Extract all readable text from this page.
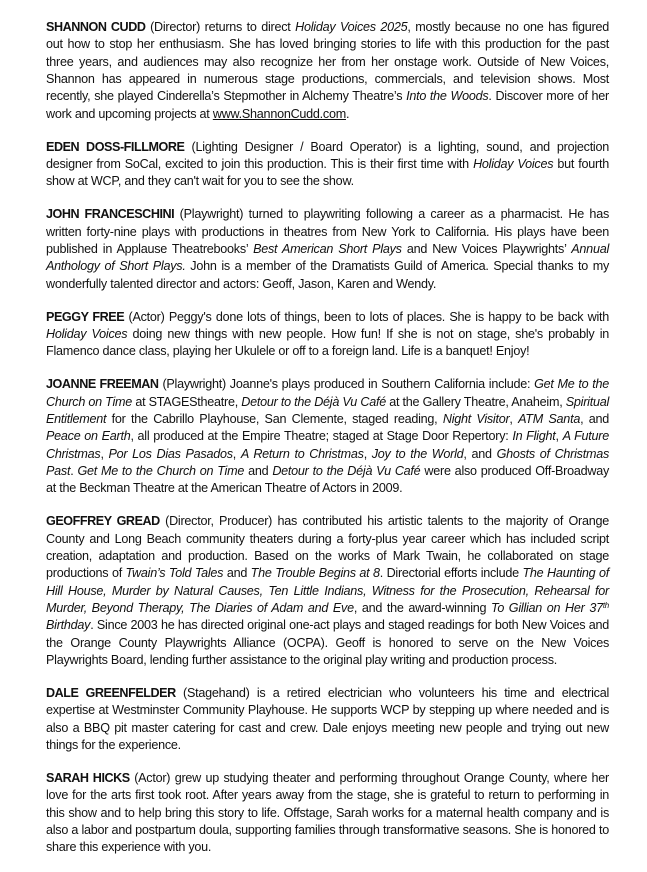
SHANNON CUDD (Director) returns to direct Holiday Voices 2025, mostly because no one has figured out how to stop her enthusiasm. She has loved bringing stories to life with this production for the past three years, and audiences may also recognize her from her onstage work. Outside of New Voices, Shannon has appeared in numerous stage productions, commercials, and television shows. Most recently, she played Cinderella’s Stepmother in Alchemy Theatre’s Into the Woods. Discover more of her work and upcoming projects at www.ShannonCudd.com.

EDEN DOSS-FILLMORE (Lighting Designer / Board Operator) is a lighting, sound, and projection designer from SoCal, excited to join this production. This is their first time with Holiday Voices but fourth show at WCP, and they can't wait for you to see the show.

JOHN FRANCESCHINI (Playwright) turned to playwriting following a career as a pharmacist. He has written forty-nine plays with productions in theatres from New York to California. His plays have been published in Applause Theatrebooks’ Best American Short Plays and New Voices Playwrights’ Annual Anthology of Short Plays. John is a member of the Dramatists Guild of America. Special thanks to my wonderfully talented director and actors: Geoff, Jason, Karen and Wendy.

PEGGY FREE (Actor) Peggy's done lots of things, been to lots of places. She is happy to be back with Holiday Voices doing new things with new people. How fun! If she is not on stage, she's probably in Flamenco dance class, playing her Ukulele or off to a foreign land. Life is a banquet! Enjoy!

JOANNE FREEMAN (Playwright) Joanne's plays produced in Southern California include: Get Me to the Church on Time at STAGEStheatre, Detour to the Déjà Vu Café at the Gallery Theatre, Anaheim, Spiritual Entitlement for the Cabrillo Playhouse, San Clemente, staged reading, Night Visitor, ATM Santa, and Peace on Earth, all produced at the Empire Theatre; staged at Stage Door Repertory: In Flight, A Future Christmas, Por Los Dias Pasados, A Return to Christmas, Joy to the World, and Ghosts of Christmas Past. Get Me to the Church on Time and Detour to the Déjà Vu Café were also produced Off-Broadway at the Beckman Theatre at the American Theatre of Actors in 2009.

GEOFFREY GREAD (Director, Producer) has contributed his artistic talents to the majority of Orange County and Long Beach community theaters during a forty-plus year career which has included script creation, adaptation and production. Based on the works of Mark Twain, he collaborated on stage productions of Twain’s Told Tales and The Trouble Begins at 8. Directorial efforts include The Haunting of Hill House, Murder by Natural Causes, Ten Little Indians, Witness for the Prosecution, Rehearsal for Murder, Beyond Therapy, The Diaries of Adam and Eve, and the award-winning To Gillian on Her 37th Birthday. Since 2003 he has directed original one-act plays and staged readings for both New Voices and the Orange County Playwrights Alliance (OCPA). Geoff is honored to serve on the New Voices Playwrights Board, lending further assistance to the original play writing and production process.

DALE GREENFELDER (Stagehand) is a retired electrician who volunteers his time and electrical expertise at Westminster Community Playhouse. He supports WCP by stepping up where needed and is also a BBQ pit master catering for cast and crew. Dale enjoys meeting new people and trying out new things for the experience.

SARAH HICKS (Actor) grew up studying theater and performing throughout Orange County, where her love for the arts first took root. After years away from the stage, she is grateful to return to performing in this show and to help bring this story to life. Offstage, Sarah works for a maternal health company and is also a labor and postpartum doula, supporting families through transformative seasons. She is honored to share this experience with you.
